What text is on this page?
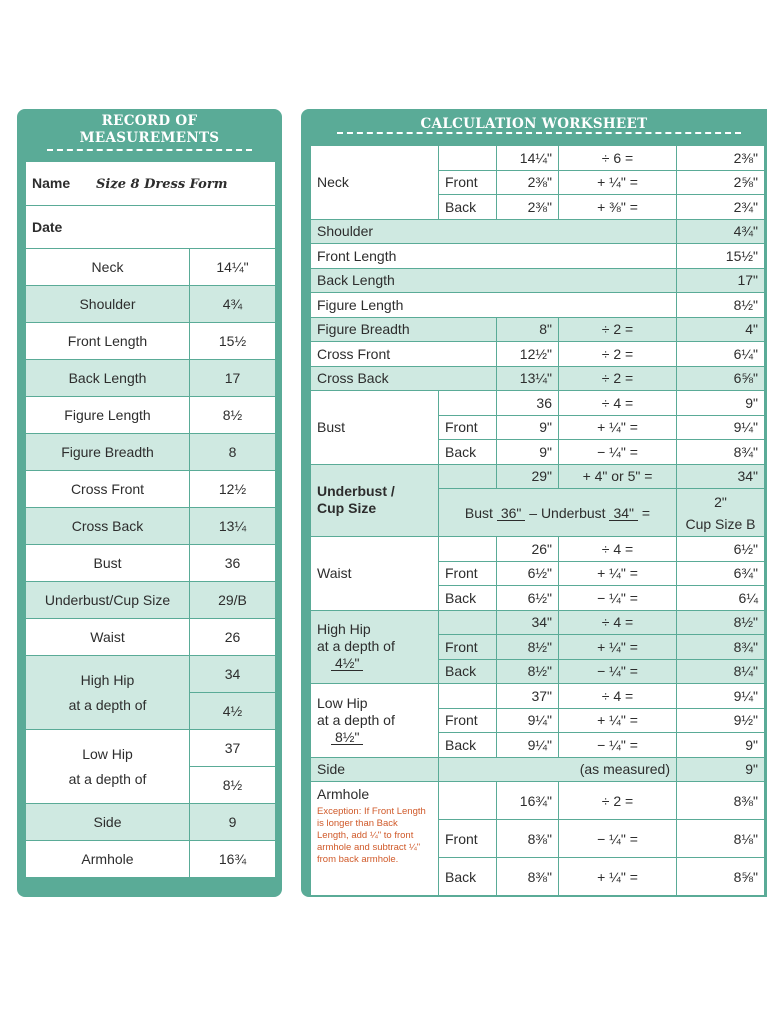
RECORD OF
MEASUREMENTS
Name Size 8 Dress Form	
Date	
Neck	14¼"
Shoulder	4¾
Front Length	15½
Back Length	17
Figure Length	8½
Figure Breadth	8
Cross Front	12½
Cross Back	13¼
Bust	36
Underbust/Cup Size	29/B
Waist	26

High Hip
at a depth of	34
	4½

Low Hip
at a depth of	37
	8½
Side	9
Armhole	16¾
CALCULATION WORKSHEET
Neck		14¼"	÷ 6 =	2⅜"
	Front	2⅜"	+ ¼" =	2⅝"
	Back	2⅜"	+ ⅜" =	2¾"
Shoulder				4¾"
Front Length				15½"
Back Length				17"
Figure Length				8½"
Figure Breadth		8"	÷ 2 =	4"
Cross Front		12½"	÷ 2 =	6¼"
Cross Back		13¼"	÷ 2 =	6⅝"
Bust		36	÷ 4 =	9"
	Front	9"	+ ¼" =	9¼"
	Back	9"	− ¼" =	8¾"

Underbust /
Cup Size		29"	+ 4" or 5" =	34"
	Bust 36" – Underbust 34" =			2"
Cup Size B

Waist		26"	÷ 4 =	6½"
	Front	6½"	+ ¼" =	6¾"
	Back	6½"	− ¼" =	6¼

High Hip
at a depth of
4½"		34"	÷ 4 =	8½"
	Front	8½"	+ ¼" =	8¾"
	Back	8½"	− ¼" =	8¼"

Low Hip
at a depth of
8½"		37"	÷ 4 =	9¼"
	Front	9¼"	+ ¼" =	9½"
	Back	9¼"	− ¼" =	9"
Side	(as measured)			9"

Armhole
Exception: If Front Length is longer than Back Length, add ¼" to front armhole and subtract ¼" from back armhole.		16¾"	÷ 2 =	8⅜"
	Front	8⅜"	− ¼" =	8⅛"
	Back	8⅜"	+ ¼" =	8⅝"
